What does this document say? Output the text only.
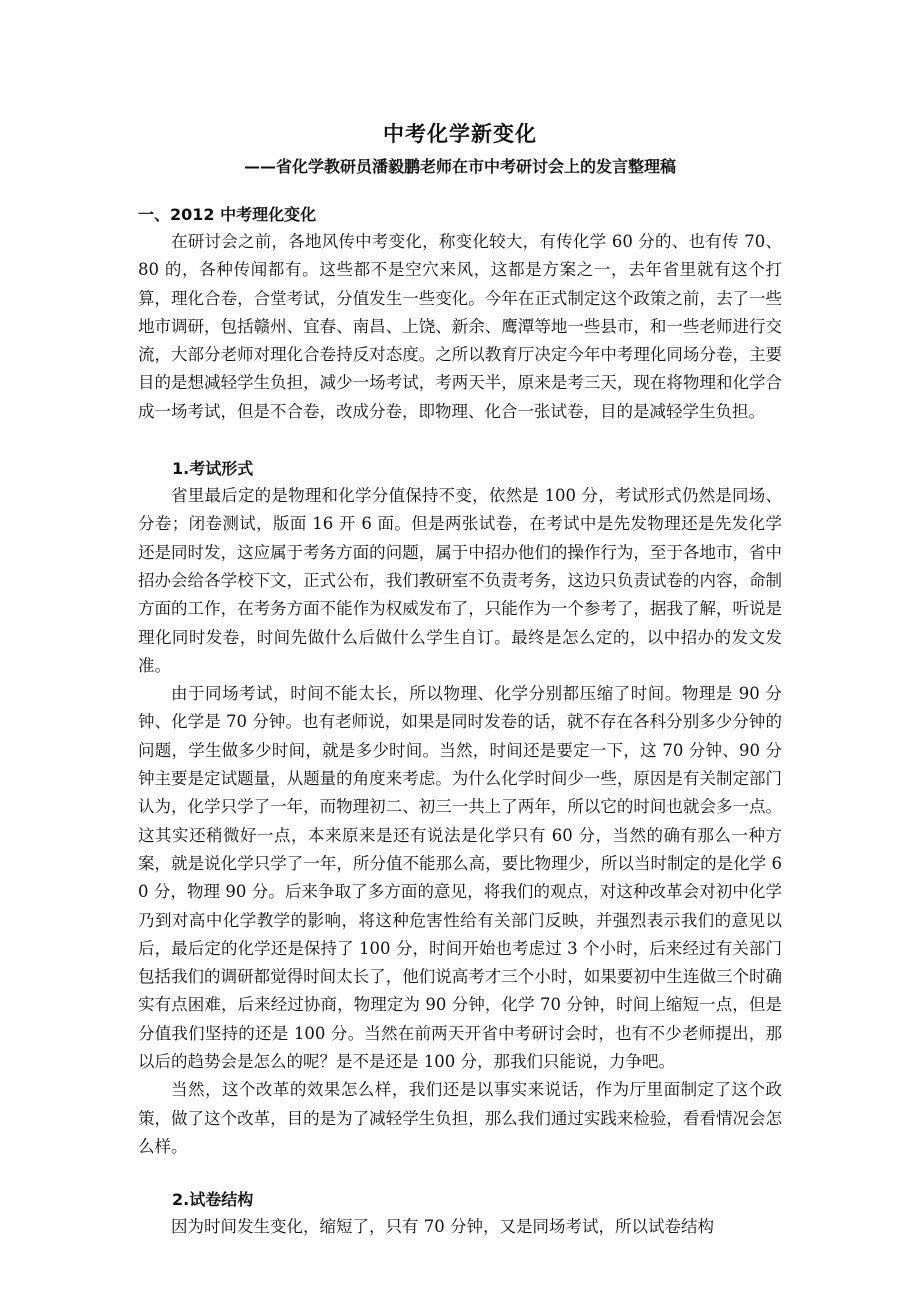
中考化学新变化
——省化学教研员潘毅鹏老师在市中考研讨会上的发言整理稿
一、2012 中考理化变化

在研讨会之前，各地风传中考变化，称变化较大，有传化学 60 分的、也有传 70、80 的，各种传闻都有。这些都不是空穴来风，这都是方案之一，去年省里就有这个打算，理化合卷，合堂考试，分值发生一些变化。今年在正式制定这个政策之前，去了一些地市调研，包括赣州、宜春、南昌、上饶、新余、鹰潭等地一些县市，和一些老师进行交流，大部分老师对理化合卷持反对态度。之所以教育厅决定今年中考理化同场分卷，主要目的是想减轻学生负担，减少一场考试，考两天半，原来是考三天，现在将物理和化学合成一场考试，但是不合卷，改成分卷，即物理、化合一张试卷，目的是减轻学生负担。

1.考试形式

省里最后定的是物理和化学分值保持不变，依然是 100 分，考试形式仍然是同场、分卷；闭卷测试，版面 16 开 6 面。但是两张试卷，在考试中是先发物理还是先发化学还是同时发，这应属于考务方面的问题，属于中招办他们的操作行为，至于各地市，省中招办会给各学校下文，正式公布，我们教研室不负责考务，这边只负责试卷的内容，命制方面的工作，在考务方面不能作为权威发布了，只能作为一个参考了，据我了解，听说是理化同时发卷，时间先做什么后做什么学生自订。最终是怎么定的，以中招办的发文发准。

由于同场考试，时间不能太长，所以物理、化学分别都压缩了时间。物理是 90 分钟、化学是 70 分钟。也有老师说，如果是同时发卷的话，就不存在各科分别多少分钟的问题，学生做多少时间，就是多少时间。当然，时间还是要定一下，这 70 分钟、90 分钟主要是定试题量，从题量的角度来考虑。为什么化学时间少一些，原因是有关制定部门认为，化学只学了一年，而物理初二、初三一共上了两年，所以它的时间也就会多一点。这其实还稍微好一点，本来原来是还有说法是化学只有 60 分，当然的确有那么一种方案，就是说化学只学了一年，所分值不能那么高，要比物理少，所以当时制定的是化学 60 分，物理 90 分。后来争取了多方面的意见，将我们的观点，对这种改革会对初中化学乃到对高中化学教学的影响，将这种危害性给有关部门反映，并强烈表示我们的意见以后，最后定的化学还是保持了 100 分，时间开始也考虑过 3 个小时，后来经过有关部门包括我们的调研都觉得时间太长了，他们说高考才三个小时，如果要初中生连做三个时确实有点困难，后来经过协商，物理定为 90 分钟，化学 70 分钟，时间上缩短一点，但是分值我们坚持的还是 100 分。当然在前两天开省中考研讨会时，也有不少老师提出，那以后的趋势会是怎么的呢？是不是还是 100 分，那我们只能说，力争吧。

当然，这个改革的效果怎么样，我们还是以事实来说话，作为厅里面制定了这个政策，做了这个改革，目的是为了减轻学生负担，那么我们通过实践来检验，看看情况会怎么样。

2.试卷结构

因为时间发生变化，缩短了，只有 70 分钟，又是同场考试，所以试卷结构
